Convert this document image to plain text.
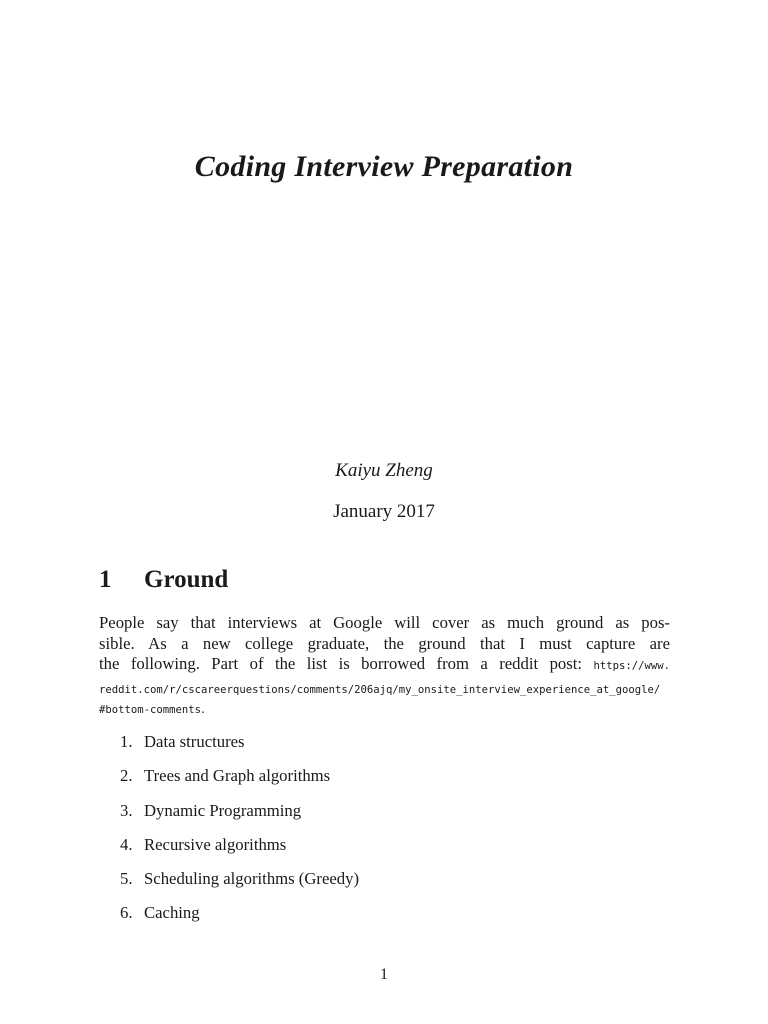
Coding Interview Preparation
Kaiyu Zheng
January 2017
1 Ground
People say that interviews at Google will cover as much ground as pos-
sible. As a new college graduate, the ground that I must capture are
the following. Part of the list is borrowed from a reddit post: https://www.
reddit.com/r/cscareerquestions/comments/206ajq/my_onsite_interview_experience_at_google/
#bottom-comments.
1. Data structures
2. Trees and Graph algorithms
3. Dynamic Programming
4. Recursive algorithms
5. Scheduling algorithms (Greedy)
6. Caching
1
